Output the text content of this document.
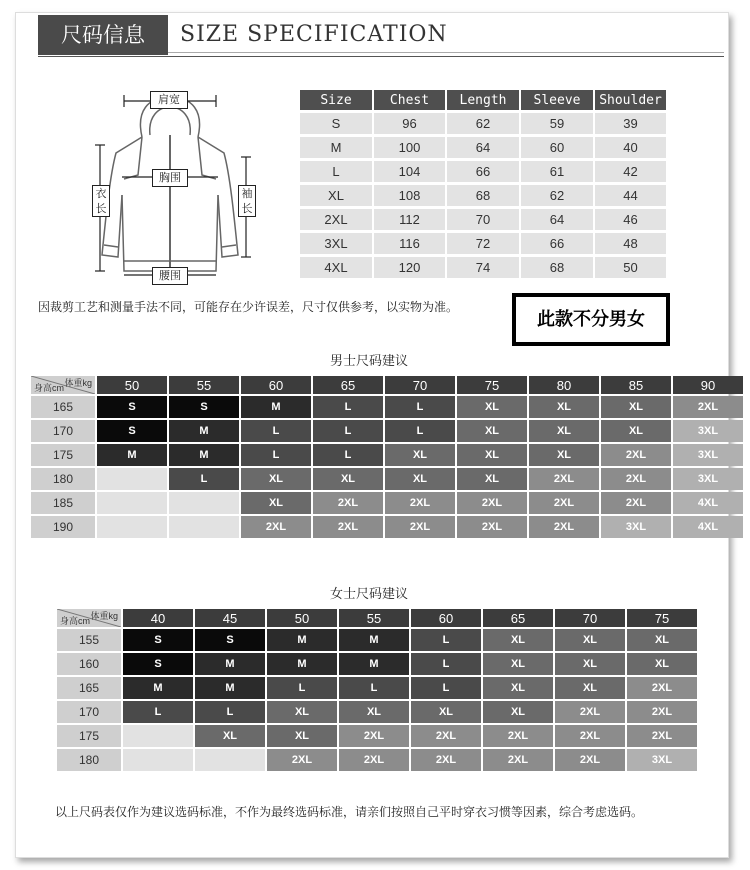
尺码信息	SIZE SPECIFICATION
肩宽
胸围
衣长
袖长
腰围
Size	Chest	Length	Sleeve	Shoulder
S	96	62	59	39
M	100	64	60	40
L	104	66	61	42
XL	108	68	62	44
2XL	112	70	64	46
3XL	116	72	66	48
4XL	120	74	68	50
因裁剪工艺和测量手法不同，可能存在少许误差，尺寸仅供参考，以实物为准。
此款不分男女
男士尺码建议
体重kg
身高cm	50	55	60	65	70	75	80	85	90
165	S	S	M	L	L	XL	XL	XL	2XL
170	S	M	L	L	L	XL	XL	XL	3XL
175	M	M	L	L	XL	XL	XL	2XL	3XL
180		L	XL	XL	XL	XL	2XL	2XL	3XL
185			XL	2XL	2XL	2XL	2XL	2XL	4XL
190			2XL	2XL	2XL	2XL	2XL	3XL	4XL
女士尺码建议
体重kg
身高cm	40	45	50	55	60	65	70	75
155	S	S	M	M	L	XL	XL	XL
160	S	M	M	M	L	XL	XL	XL
165	M	M	L	L	L	XL	XL	2XL
170	L	L	XL	XL	XL	XL	2XL	2XL
175		XL	XL	2XL	2XL	2XL	2XL	2XL
180			2XL	2XL	2XL	2XL	2XL	3XL
以上尺码表仅作为建议选码标准，不作为最终选码标准，请亲们按照自己平时穿衣习惯等因素，综合考虑选码。
